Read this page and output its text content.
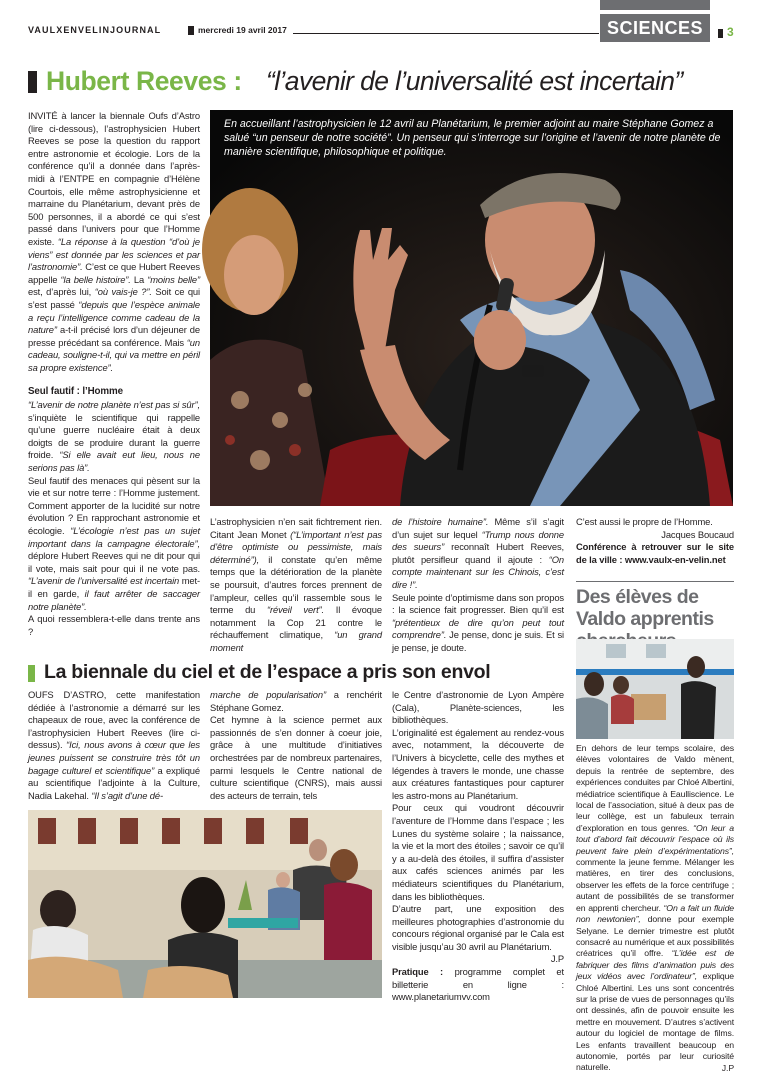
VAULXENVELINJOURNAL	mercredi 19 avril 2017	SCIENCES	3
Hubert Reeves : “l’avenir de l’universalité est incertain”

INVITÉ à lancer la biennale Oufs d’Astro (lire ci-dessous), l’astrophysicien Hubert Reeves se pose la question du rapport entre astronomie et écologie. Lors de la conférence qu’il a donnée dans l’après-midi à l’ENTPE en compagnie d’Hélène Courtois, elle même astrophysicienne et marraine du Planétarium, devant près de 500 personnes, il a abordé ce qui s’est passé dans l’univers pour que l’Homme existe. “La réponse à la question “d’où je viens” est donnée par les sciences et par l’astronomie”. C’est ce que Hubert Reeves appelle “la belle histoire”. La “moins belle” est, d’après lui, “où vais-je ?”. Soit ce qui s’est passé “depuis que l’espèce animale a reçu l’intelligence comme cadeau de la nature” a-t-il précisé lors d’un déjeuner de presse précédant sa conférence. Mais “un cadeau, souligne-t-il, qui va mettre en péril sa propre existence”.

Seul fautif : l’Homme

“L’avenir de notre planète n’est pas si sûr”, s’inquiète le scientifique qui rappelle qu’une guerre nucléaire était à deux doigts de se produire durant la guerre froide. “Si elle avait eut lieu, nous ne serions pas là”.

Seul fautif des menaces qui pèsent sur la vie et sur notre terre : l’Homme justement. Comment apporter de la lucidité sur notre évolution ? En rapprochant astronomie et écologie. “L’écologie n’est pas un sujet important dans la campagne électorale”, déplore Hubert Reeves qui ne dit pour qui il vote, mais sait pour qui il ne vote pas. “L’avenir de l’universalité est incertain met-il en garde, il faut arrêter de saccager notre planète”.

A quoi ressemblera-t-elle dans trente ans ?

En accueillant l’astrophysicien le 12 avril au Planétarium, le premier adjoint au maire Stéphane Gomez a salué “un penseur de notre société”. Un penseur qui s’interroge sur l’origine et l’avenir de notre planète de manière scientifique, philosophique et politique.

L’astrophysicien n’en sait fichtrement rien. Citant Jean Monet (“L’important n’est pas d’être optimiste ou pessimiste, mais déterminé”), il constate qu’en même temps que la détérioration de la planète se poursuit, d’autres forces prennent de l’ampleur, celles qu’il rassemble sous le terme du “réveil vert”. Il évoque notamment la Cop 21 contre le réchauffement climatique, “un grand moment

de l’histoire humaine”. Même s’il s’agit d’un sujet sur lequel “Trump nous donne des sueurs” reconnaît Hubert Reeves, plutôt persifleur quand il ajoute : “On compte maintenant sur les Chinois, c’est dire !”.

Seule pointe d’optimisme dans son propos : la science fait progresser. Bien qu’il est “prétentieux de dire qu’on peut tout comprendre”. Je pense, donc je suis. Et si je pense, je doute.

C’est aussi le propre de l’Homme.

Jacques Boucaud

Conférence à retrouver sur le site de la ville : www.vaulx-en-velin.net

Des élèves de Valdo apprentis

En dehors de leur temps scolaire, des élèves volontaires de Valdo mènent, depuis la rentrée de septembre, des expériences conduites par Chloé Albertini, médiatrice scientifique à Eaulliscience. Le local de l’association, situé à deux pas de leur collège, est un fabuleux terrain d’exploration en tous genres. “On leur a tout d’abord fait découvrir l’espace où ils peuvent faire plein d’expérimentations”, commente la jeune femme. Mélanger les matières, en tirer des conclusions, observer les effets de la force centrifuge ; autant de possibilités de se transformer en apprenti chercheur. “On a fait un fluide non newtonien”, donne pour exemple Selyane. Le dernier trimestre est plutôt consacré au numérique et aux possibilités créatrices qu’il offre. “L’idée est de fabriquer des films d’animation puis des jeux vidéos avec l’ordinateur”, explique Chloé Albertini. Les uns sont concentrés sur la prise de vues de personnages qu’ils ont dessinés, afin de pouvoir ensuite les mettre en mouvement. D’autres s’activent autour du logiciel de montage de films. Les enfants travaillent beaucoup en autonomie, portés par leur curiosité naturelle.	J.P

La biennale du ciel et de l’espace a pris son envol

OUFS D’ASTRO, cette manifestation dédiée à l’astronomie a démarré sur les chapeaux de roue, avec la conférence de l’astrophysicien Hubert Reeves (lire ci-dessus). “Ici, nous avons à cœur que les jeunes puissent se construire très tôt un bagage culturel et scientifique” a expliqué au scientifique l’adjointe à la Culture, Nadia Lakehal. “Il s’agit d’une dé-

marche de popularisation” a renchérit Stéphane Gomez.

Cet hymne à la science permet aux passionnés de s’en donner à coeur joie, grâce à une multitude d’initiatives orchestrées par de nombreux partenaires, parmi lesquels le Centre national de culture scientifique (CNRS), mais aussi des acteurs de terrain, tels

le Centre d’astronomie de Lyon Ampère (Cala), Planète-sciences, les bibliothèques.

L’originalité est également au rendez-vous avec, notamment, la découverte de l’Univers à bicyclette, celle des mythes et légendes à travers le monde, une chasse aux créatures fantastiques pour capturer les astro-mons au Planétarium.

Pour ceux qui voudront découvrir l’aventure de l’Homme dans l’espace ; les Lunes du système solaire ; la naissance, la vie et la mort des étoiles ; savoir ce qu’il y a au-delà des étoiles, il suffira d’assister aux cafés sciences animés par les médiateurs scientifiques du Planétarium, dans les bibliothèques.

D’autre part, une exposition des meilleures photographies d’astronomie du concours régional organisé par le Cala est visible jusqu’au 30 avril au Planétarium.

J.P

Pratique : programme complet et billetterie en ligne : www.planetariumvv.com
